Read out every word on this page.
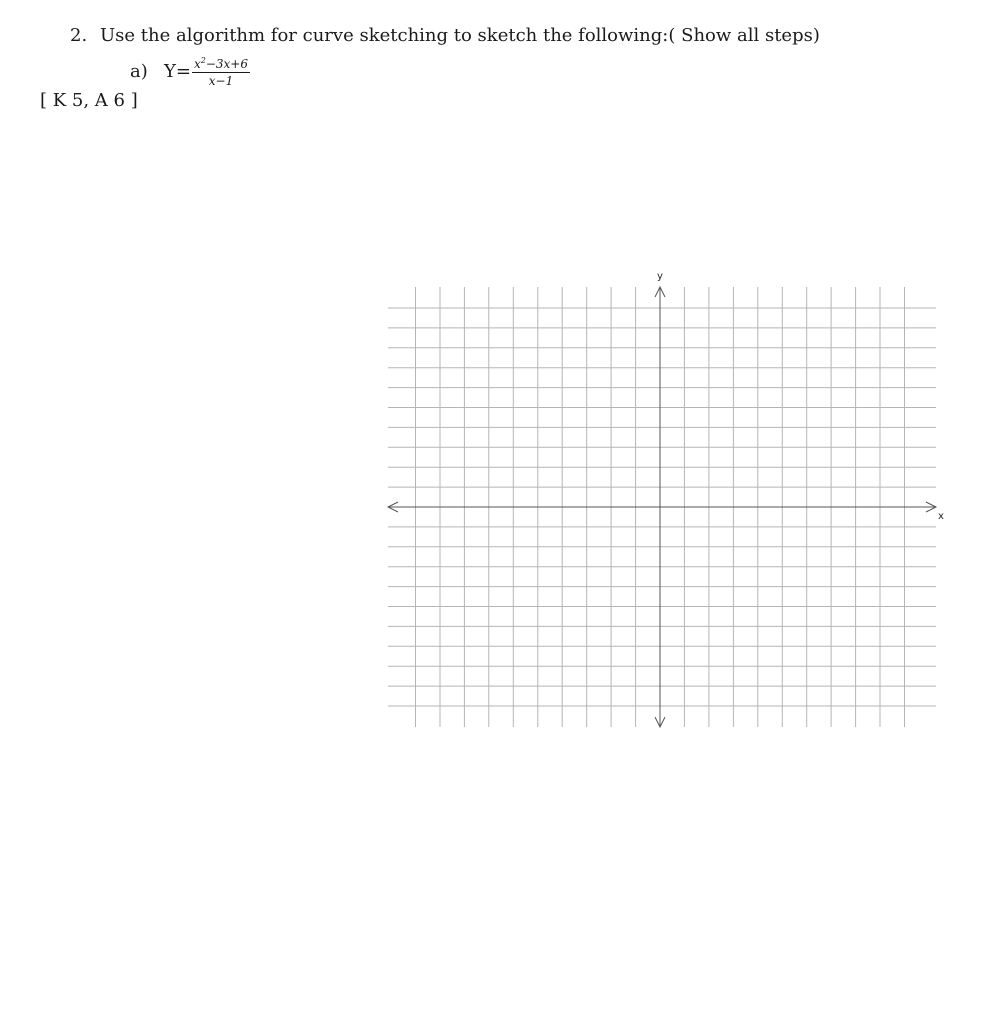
2. Use the algorithm for curve sketching to sketch the following:( Show all steps)
a) $Y= \frac{x^2-3x+6}{x-1}$
[ K 5, A 6 ]
x
y
